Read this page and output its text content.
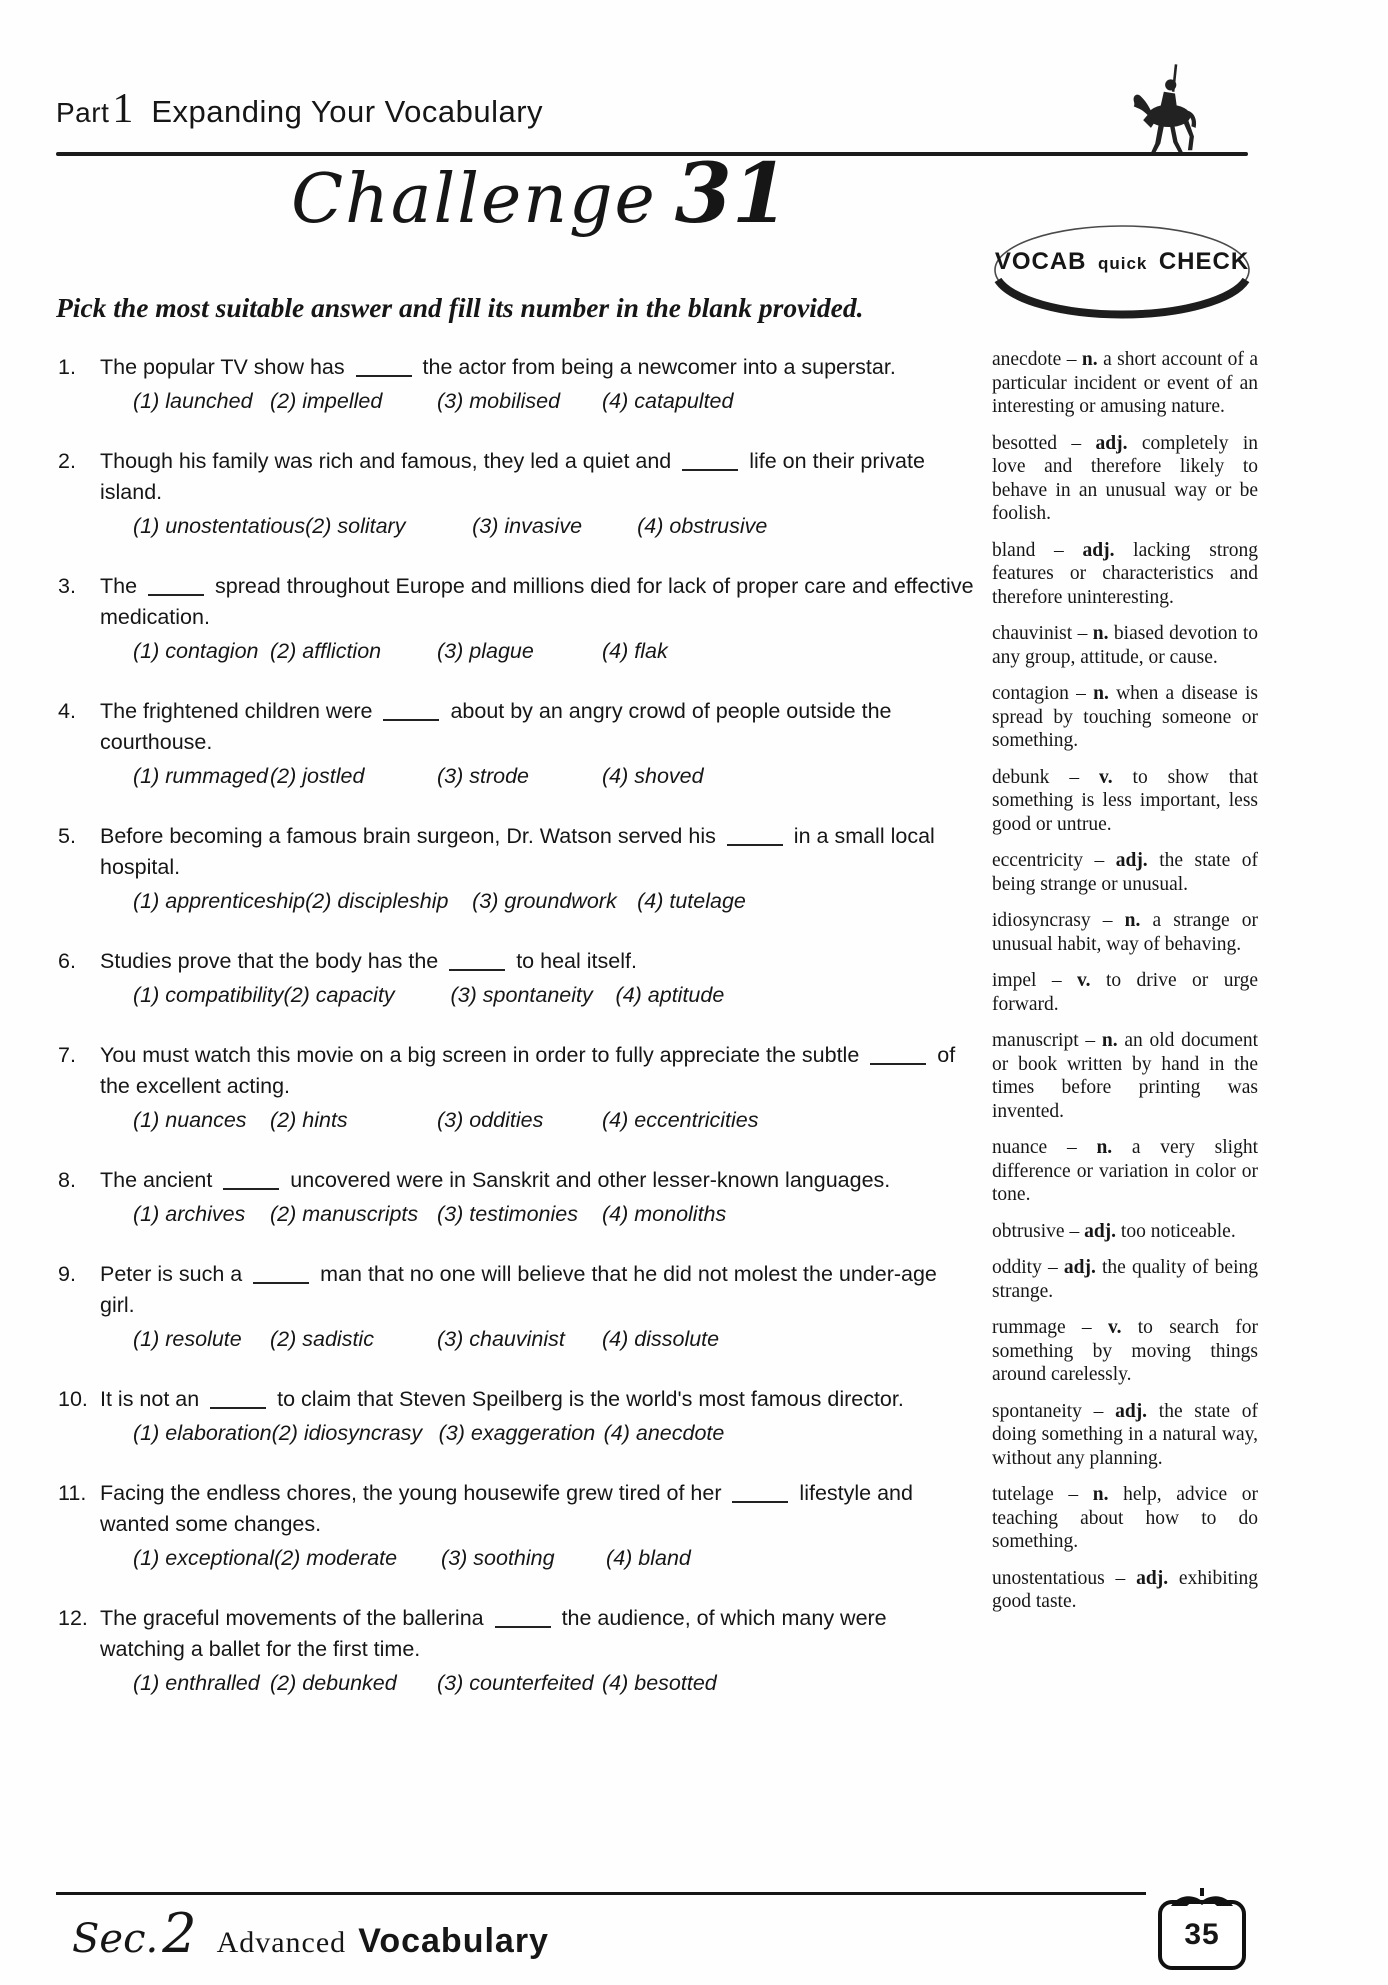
Part 1 Expanding Your Vocabulary
Challenge 31
Pick the most suitable answer and fill its number in the blank provided.
VOCAB quick CHECK
1.	The popular TV show has	the actor from being a newcomer into a superstar.
(1) launched (2) impelled	(3) mobilised	(4) catapulted
2.	Though his family was rich and famous, they led a quiet and	life on their private island.
(1) unostentatious (2) solitary	(3) invasive	(4) obstrusive
3.	The	spread throughout Europe and millions died for lack of proper care and effective medication.
(1) contagion (2) affliction	(3) plague	(4) flak
4.	The frightened children were	about by an angry crowd of people outside the courthouse.
(1) rummaged (2) jostled	(3) strode	(4) shoved
5.	Before becoming a famous brain surgeon, Dr. Watson served his	in a small local hospital.
(1) apprenticeship (2) discipleship	(3) groundwork (4) tutelage
6.	Studies prove that the body has the	to heal itself.
(1) compatibility (2) capacity	(3) spontaneity	(4) aptitude
7.	You must watch this movie on a big screen in order to fully appreciate the subtle	of the excellent acting.
(1) nuances	(2) hints	(3) oddities	(4) eccentricities
8.	The ancient	uncovered were in Sanskrit and other lesser-known languages.
(1) archives	(2) manuscripts (3) testimonies	(4) monoliths
9.	Peter is such a	man that no one will believe that he did not molest the under-age girl.
(1) resolute	(2) sadistic	(3) chauvinist	(4) dissolute
10. It is not an	to claim that Steven Speilberg is the world's most famous director.
(1) elaboration (2) idiosyncrasy (3) exaggeration (4) anecdote
11. Facing the endless chores, the young housewife grew tired of her	lifestyle and wanted some changes.
(1) exceptional (2) moderate	(3) soothing	(4) bland
12. The graceful movements of the ballerina	the audience, of which many were watching a ballet for the first time.
(1) enthralled (2) debunked	(3) counterfeited (4) besotted

anecdote – n. a short account of a particular incident or event of an interesting or amusing nature.

besotted – adj. completely in love and therefore likely to behave in an unusual way or be foolish.

bland – adj. lacking strong features or characteristics and therefore uninteresting.

chauvinist – n. biased devotion to any group, attitude, or cause.

contagion – n. when a disease is spread by touching someone or something.

debunk – v. to show that something is less important, less good or untrue.

eccentricity – adj. the state of being strange or unusual.

idiosyncrasy – n. a strange or unusual habit, way of behaving.

impel – v. to drive or urge forward.

manuscript – n. an old document or book written by hand in the times before printing was invented.

nuance – n. a very slight difference or variation in color or tone.

obtrusive – adj. too noticeable.

oddity – adj. the quality of being strange.

rummage – v. to search for something by moving things around carelessly.

spontaneity – adj. the state of doing something in a natural way, without any planning.

tutelage – n. help, advice or teaching about how to do something.

unostentatious – adj. exhibiting good taste.

Sec. 2 Advanced Vocabulary	35
